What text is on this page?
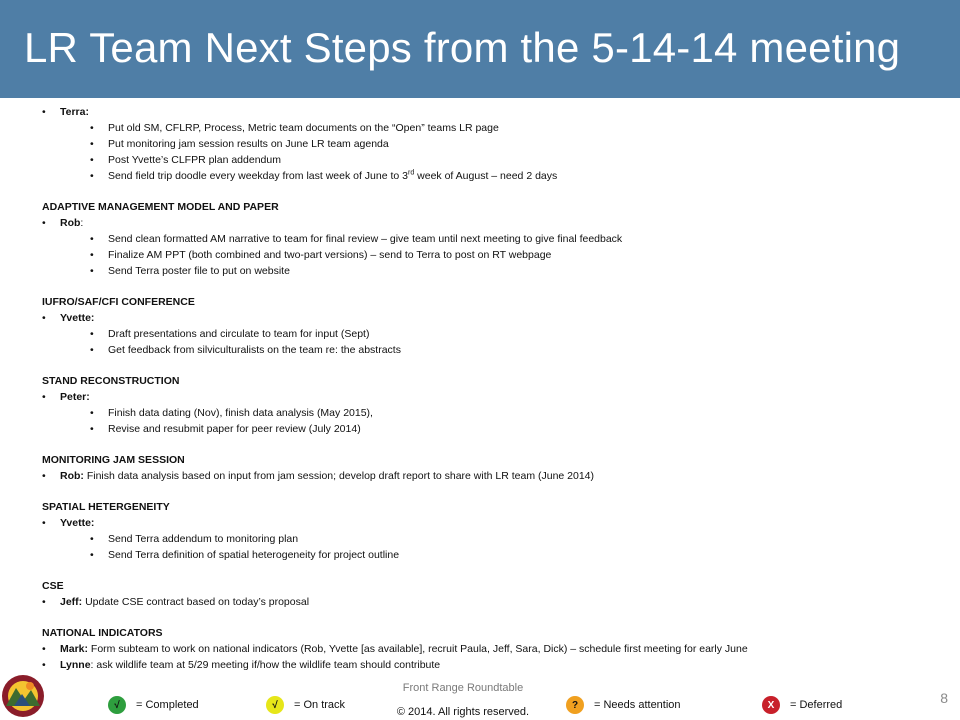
LR Team Next Steps from the 5-14-14 meeting
• Terra:
• Put old SM, CFLRP, Process, Metric team documents on the “Open” teams LR page
• Put monitoring jam session results on June LR team agenda
• Post Yvette’s CLFPR plan addendum
• Send field trip doodle every weekday from last week of June to 3rd week of August – need 2 days
ADAPTIVE MANAGEMENT MODEL AND PAPER
• Rob:
• Send clean formatted AM narrative to team for final review – give team until next meeting to give final feedback
• Finalize AM PPT (both combined and two-part versions) – send to Terra to post on RT webpage
• Send Terra poster file to put on website
IUFRO/SAF/CFI CONFERENCE
• Yvette:
• Draft presentations and circulate to team for input (Sept)
• Get feedback from silviculturalists on the team re: the abstracts
STAND RECONSTRUCTION
• Peter:
• Finish data dating (Nov), finish data analysis (May 2015),
• Revise and resubmit paper for peer review (July 2014)
MONITORING JAM SESSION
• Rob: Finish data analysis based on input from jam session; develop draft report to share with LR team (June 2014)
SPATIAL HETERGENEITY
• Yvette:
• Send Terra addendum to monitoring plan
• Send Terra definition of spatial heterogeneity for project outline
CSE
• Jeff: Update CSE contract based on today’s proposal
NATIONAL INDICATORS
• Mark: Form subteam to work on national indicators (Rob, Yvette [as available], recruit Paula, Jeff, Sara, Dick) – schedule first meeting for early June
• Lynne: ask wildlife team at 5/29 meeting if/how the wildlife team should contribute
√	= Completed	√	= On track
Front Range Roundtable
© 2014. All rights reserved.
?	= Needs attention	X	= Deferred	8
